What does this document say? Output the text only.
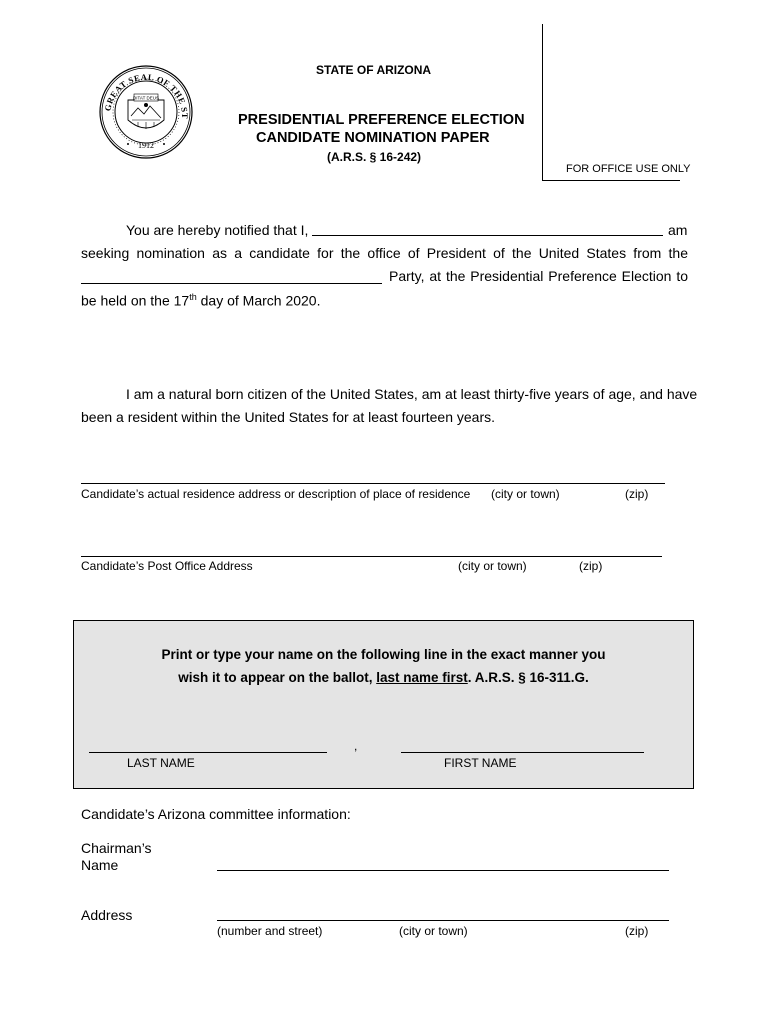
GREAT SEAL OF THE ST
DITAT DEUS
1912
STATE OF ARIZONA
PRESIDENTIAL PREFERENCE ELECTION
CANDIDATE NOMINATION PAPER
(A.R.S. § 16-242)
FOR OFFICE USE ONLY
You are hereby notified that I,	am
seeking nomination as a candidate for the office of President of the United States from the
Party, at the Presidential Preference Election to
be held on the 17th day of March 2020.
I am a natural born citizen of the United States, am at least thirty-five years of age, and have
been a resident within the United States for at least fourteen years.
Candidate’s actual residence address or description of place of residence (city or town)	(zip)
Candidate’s Post Office Address	(city or town)	(zip)
Print or type your name on the following line in the exact manner you
wish it to appear on the ballot, last name first. A.R.S. § 16-311.G.
,
LAST NAME	FIRST NAME
Candidate’s Arizona committee information:
Chairman’s
Name
Address
(number and street)	(city or town)	(zip)
